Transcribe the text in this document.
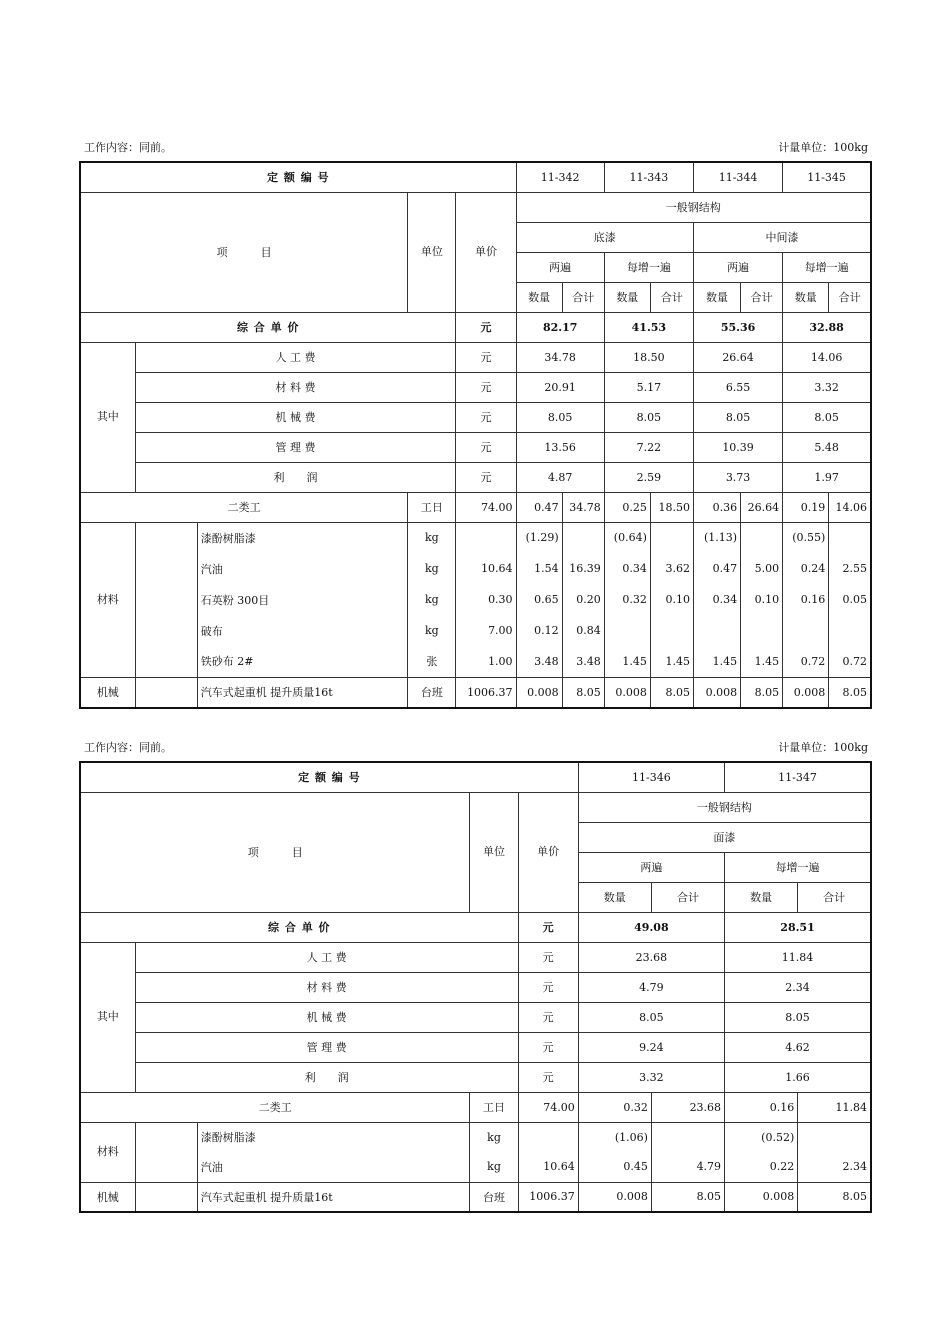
工作内容：同前。	计量单位：100kg
定 额 编 号					11-342		11-343		11-344		11-345	
项　　　目			单位	单价	一般钢结构							
					底漆				中间漆			
					两遍		每增一遍		两遍		每增一遍	
					数量	合计	数量	合计	数量	合计	数量	合计
综 合 单 价				元	82.17		41.53		55.36		32.88	
其中	人 工 费			元	34.78		18.50		26.64		14.06	
	材 料 费			元	20.91		5.17		6.55		3.32	
	机 械 费			元	8.05		8.05		8.05		8.05	
	管 理 费			元	13.56		7.22		10.39		5.48	
	利　　润			元	4.87		2.59		3.73		1.97	
二类工			工日	74.00	0.47	34.78	0.25	18.50	0.36	26.64	0.19	14.06
材料		漆酚树脂漆	kg		(1.29)		(0.64)		(1.13)		(0.55)	
		汽油	kg	10.64	1.54	16.39	0.34	3.62	0.47	5.00	0.24	2.55
		石英粉 300目	kg	0.30	0.65	0.20	0.32	0.10	0.34	0.10	0.16	0.05
		破布	kg	7.00	0.12	0.84						
		铁砂布 2#	张	1.00	3.48	3.48	1.45	1.45	1.45	1.45	0.72	0.72
机械		汽车式起重机 提升质量16t	台班	1006.37	0.008	8.05	0.008	8.05	0.008	8.05	0.008	8.05
工作内容：同前。	计量单位：100kg
定 额 编 号					11-346		11-347	
项　　　目			单位	单价	一般钢结构			
					面漆			
					两遍		每增一遍	
					数量	合计	数量	合计
综 合 单 价				元	49.08		28.51	
其中	人 工 费			元	23.68		11.84	
	材 料 费			元	4.79		2.34	
	机 械 费			元	8.05		8.05	
	管 理 费			元	9.24		4.62	
	利　　润			元	3.32		1.66	
二类工			工日	74.00	0.32	23.68	0.16	11.84
材料		漆酚树脂漆	kg		(1.06)		(0.52)	
		汽油	kg	10.64	0.45	4.79	0.22	2.34
机械		汽车式起重机 提升质量16t	台班	1006.37	0.008	8.05	0.008	8.05
